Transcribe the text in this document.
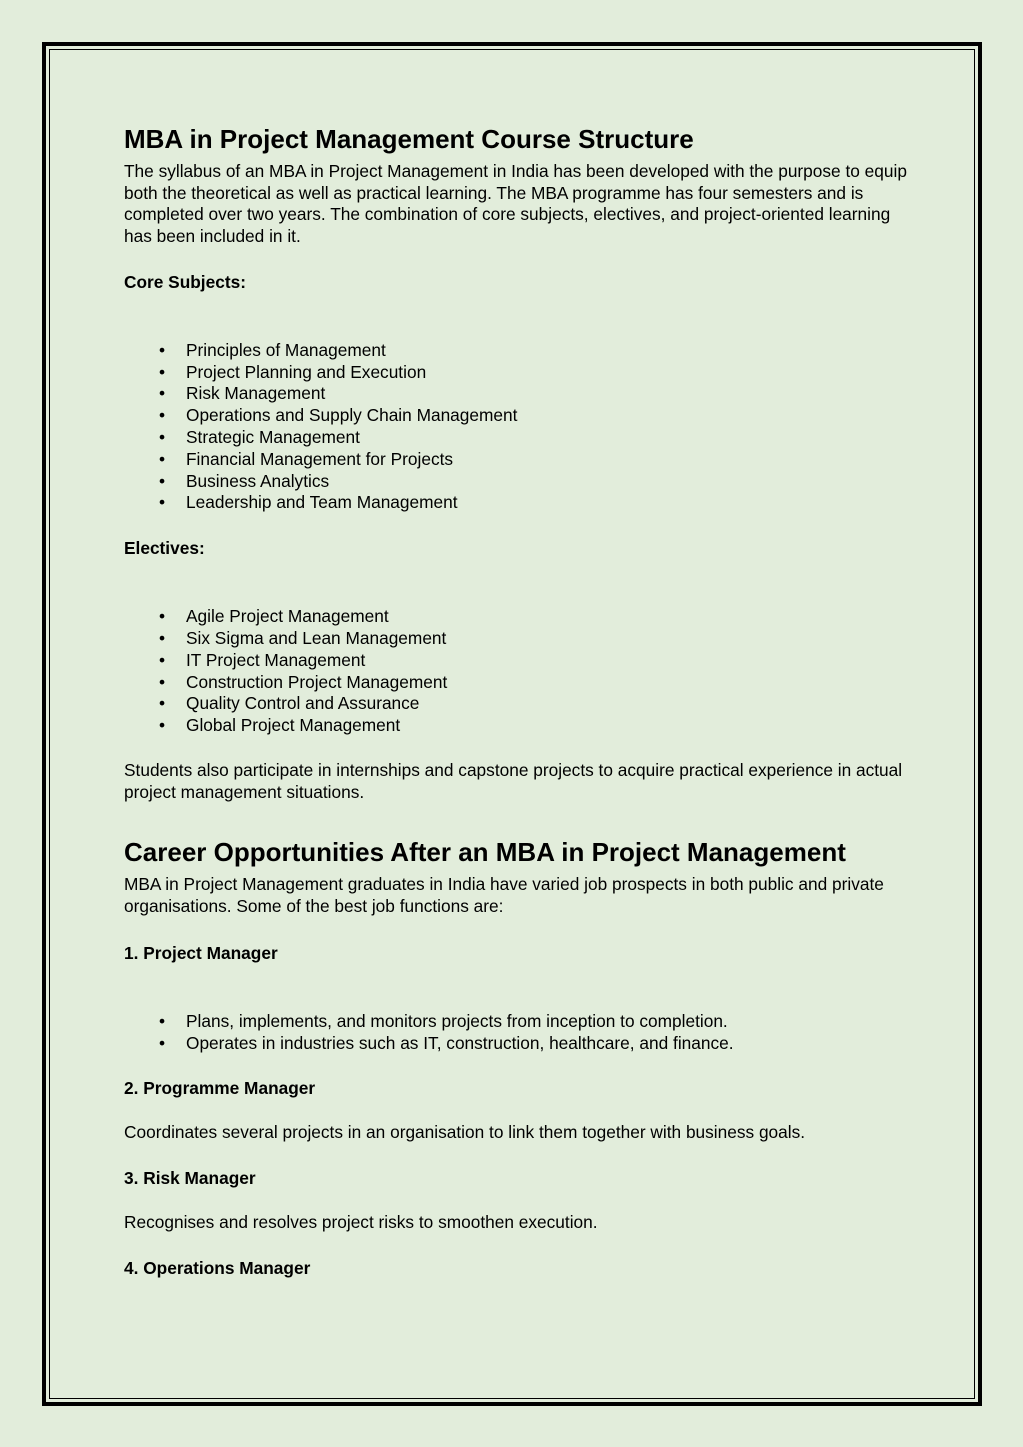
MBA in Project Management Course Structure

The syllabus of an MBA in Project Management in India has been developed with the purpose to equip both the theoretical as well as practical learning. The MBA programme has four semesters and is completed over two years. The combination of core subjects, electives, and project-oriented learning has been included in it.

Core Subjects:

• Principles of Management
• Project Planning and Execution
• Risk Management
• Operations and Supply Chain Management
• Strategic Management
• Financial Management for Projects
• Business Analytics
• Leadership and Team Management

Electives:

• Agile Project Management
• Six Sigma and Lean Management
• IT Project Management
• Construction Project Management
• Quality Control and Assurance
• Global Project Management

Students also participate in internships and capstone projects to acquire practical experience in actual project management situations.

Career Opportunities After an MBA in Project Management

MBA in Project Management graduates in India have varied job prospects in both public and private organisations. Some of the best job functions are:

1. Project Manager

• Plans, implements, and monitors projects from inception to completion.
• Operates in industries such as IT, construction, healthcare, and finance.

2. Programme Manager

Coordinates several projects in an organisation to link them together with business goals.

3. Risk Manager

Recognises and resolves project risks to smoothen execution.

4. Operations Manager
